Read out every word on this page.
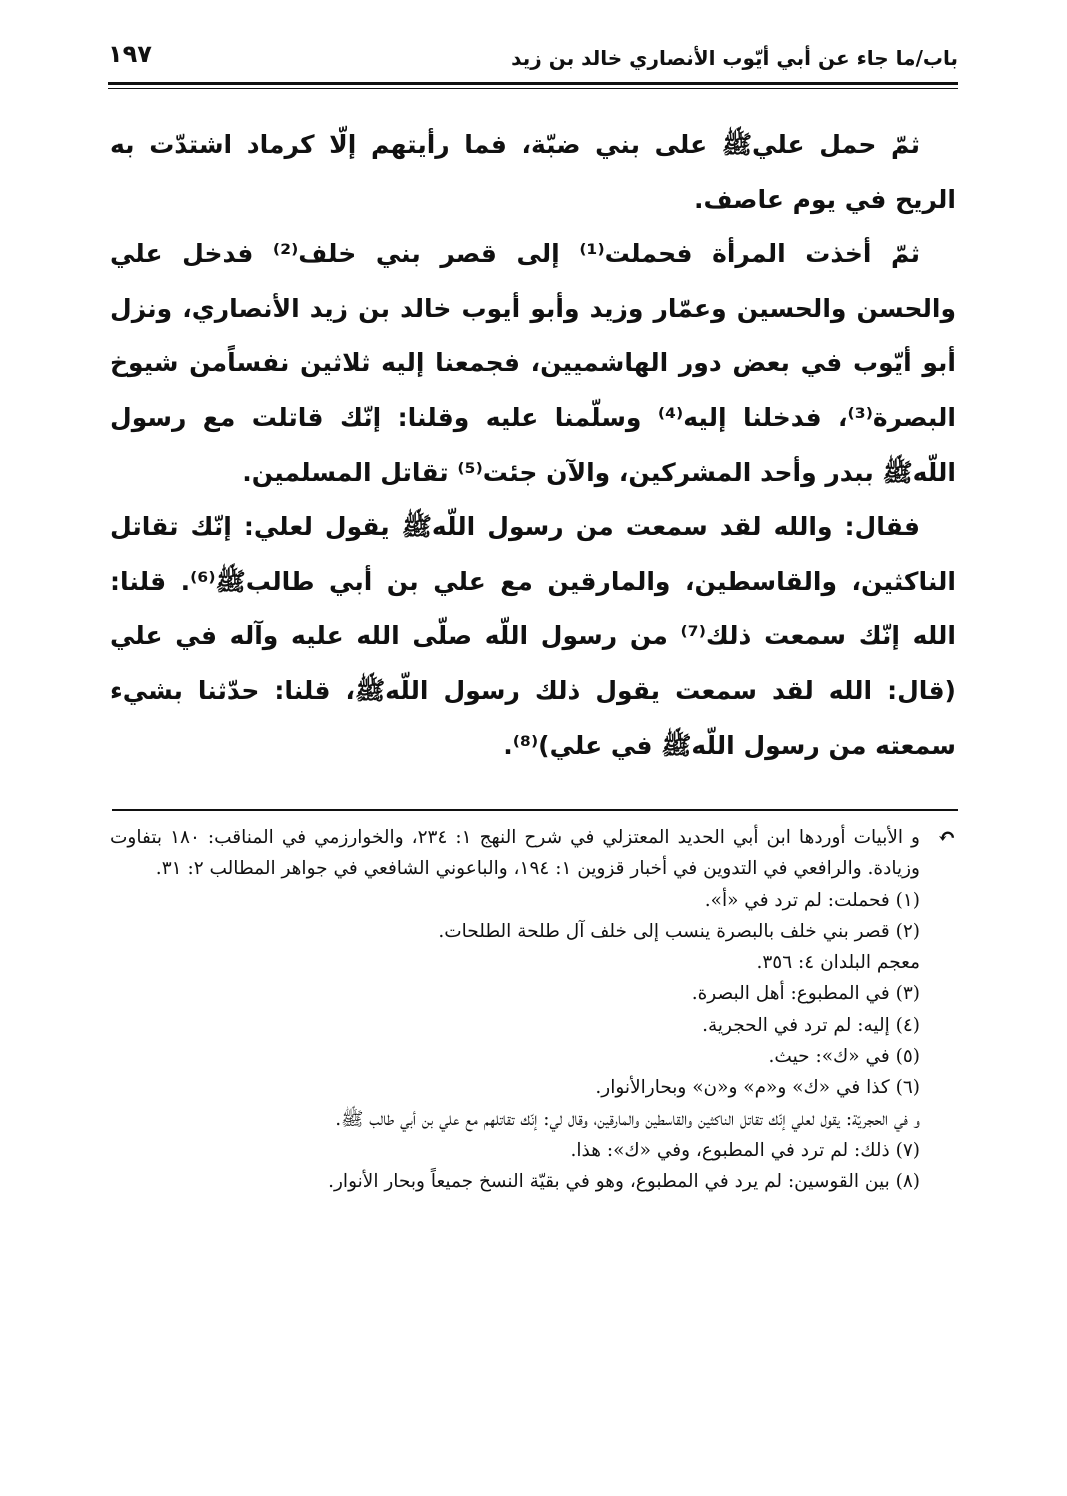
باب/ما جاء عن أبي أيّوب الأنصاري خالد بن زيد
١٩٧

ثمّ حمل عليﷺ على بني ضبّة، فما رأيتهم إلّا كرماد اشتدّت به الريح في يوم عاصف.

ثمّ أخذت المرأة فحملت⁽¹⁾ إلى قصر بني خلف⁽²⁾ فدخل علي والحسن والحسين وعمّار وزيد وأبو أيوب خالد بن زيد الأنصاري، ونزل أبو أيّوب في بعض دور الهاشميين، فجمعنا إليه ثلاثين نفساًمن شيوخ البصرة⁽³⁾، فدخلنا إليه⁽⁴⁾ وسلّمنا عليه وقلنا: إنّك قاتلت مع رسول اللّهﷺ ببدر وأحد المشركين، والآن جئت⁽⁵⁾ تقاتل المسلمين.

فقال: والله لقد سمعت من رسول اللّهﷺ يقول لعلي: إنّك تقاتل الناكثين، والقاسطين، والمارقين مع علي بن أبي طالبﷺ⁽⁶⁾. قلنا: الله إنّك سمعت ذلك⁽⁷⁾ من رسول اللّه صلّى الله عليه وآله في علي (قال: الله لقد سمعت يقول ذلك رسول اللّهﷺ، قلنا: حدّثنا بشيء سمعته من رسول اللّهﷺ في علي)⁽⁸⁾.

↶
و الأبيات أوردها ابن أبي الحديد المعتزلي في شرح النهج ١: ٢٣٤، والخوارزمي في المناقب: ١٨٠ بتفاوت وزيادة. والرافعي في التدوين في أخبار قزوين ١: ١٩٤، والباعوني الشافعي في جواهر المطالب ٢: ٣١.

(١) فحملت: لم ترد في «أ».

(٢) قصر بني خلف بالبصرة ينسب إلى خلف آل طلحة الطلحات.

معجم البلدان ٤: ٣٥٦.

(٣) في المطبوع: أهل البصرة.

(٤) إليه: لم ترد في الحجرية.

(٥) في «ك»: حيث.

(٦) كذا في «ك» و«م» و«ن» وبحارالأنوار.

و في الحجريّة: يقول لعلي إنّك تقاتل الناكثين والقاسطين والمارقين، وقال لي: إنّك تقاتلهم مع علي بن أبي طالب ﷺ.

(٧) ذلك: لم ترد في المطبوع، وفي «ك»: هذا.

(٨) بين القوسين: لم يرد في المطبوع، وهو في بقيّة النسخ جميعاً وبحار الأنوار.
